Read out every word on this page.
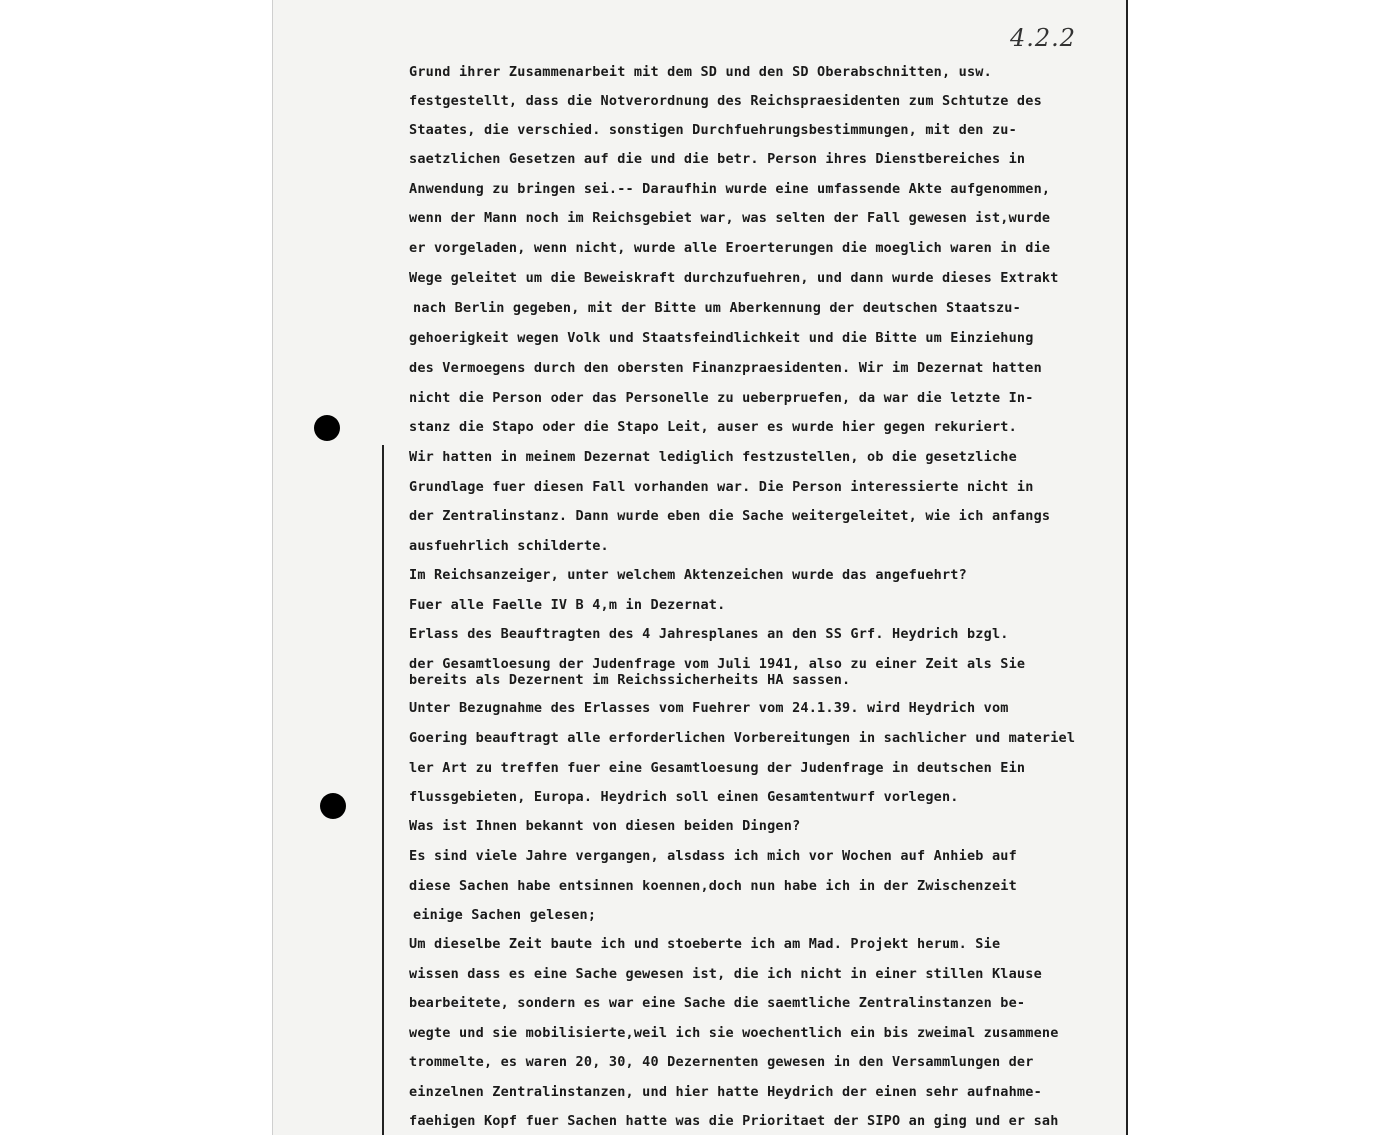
4.2.2

Grund ihrer Zusammenarbeit mit dem SD und den SD Oberabschnitten, usw.

festgestellt, dass die Notverordnung des Reichspraesidenten zum Schtutze des

Staates, die verschied. sonstigen Durchfuehrungsbestimmungen, mit den zu-

saetzlichen Gesetzen auf die und die betr. Person ihres Dienstbereiches in

Anwendung zu bringen sei.-- Daraufhin wurde eine umfassende Akte aufgenommen,

wenn der Mann noch im Reichsgebiet war, was selten der Fall gewesen ist,wurde

er vorgeladen, wenn nicht, wurde alle Eroerterungen die moeglich waren in die

Wege geleitet um die Beweiskraft durchzufuehren, und dann wurde dieses Extrakt

nach Berlin gegeben, mit der Bitte um Aberkennung der deutschen Staatszu-

gehoerigkeit wegen Volk und Staatsfeindlichkeit und die Bitte um Einziehung

des Vermoegens durch den obersten Finanzpraesidenten. Wir im Dezernat hatten

nicht die Person oder das Personelle zu ueberpruefen, da war die letzte In-

stanz die Stapo oder die Stapo Leit, auser es wurde hier gegen rekuriert.

Wir hatten in meinem Dezernat lediglich festzustellen, ob die gesetzliche

Grundlage fuer diesen Fall vorhanden war. Die Person interessierte nicht in

der Zentralinstanz. Dann wurde eben die Sache weitergeleitet, wie ich anfangs

ausfuehrlich schilderte.

Im Reichsanzeiger, unter welchem Aktenzeichen wurde das angefuehrt?

Fuer alle Faelle IV B 4,m in Dezernat.

Erlass des Beauftragten des 4 Jahresplanes an den SS Grf. Heydrich bzgl.

der Gesamtloesung der Judenfrage vom Juli 1941, also zu einer Zeit als Sie

bereits als Dezernent im Reichssicherheits HA sassen.

Unter Bezugnahme des Erlasses vom Fuehrer vom 24.1.39. wird Heydrich vom

Goering beauftragt alle erforderlichen Vorbereitungen in sachlicher und materiel

ler Art zu treffen fuer eine Gesamtloesung der Judenfrage in deutschen Ein

flussgebieten, Europa. Heydrich soll einen Gesamtentwurf vorlegen.

Was ist Ihnen bekannt von diesen beiden Dingen?

Es sind viele Jahre vergangen, alsdass ich mich vor Wochen auf Anhieb auf

diese Sachen habe entsinnen koennen,doch nun habe ich in der Zwischenzeit

einige Sachen gelesen;

Um dieselbe Zeit baute ich und stoeberte ich am Mad. Projekt herum. Sie

wissen dass es eine Sache gewesen ist, die ich nicht in einer stillen Klause

bearbeitete, sondern es war eine Sache die saemtliche Zentralinstanzen be-

wegte und sie mobilisierte,weil ich sie woechentlich ein bis zweimal zusammene

trommelte, es waren 20, 30, 40 Dezernenten gewesen in den Versammlungen der

einzelnen Zentralinstanzen, und hier hatte Heydrich der einen sehr aufnahme-

faehigen Kopf fuer Sachen hatte was die Prioritaet der SIPO an ging und er sah
